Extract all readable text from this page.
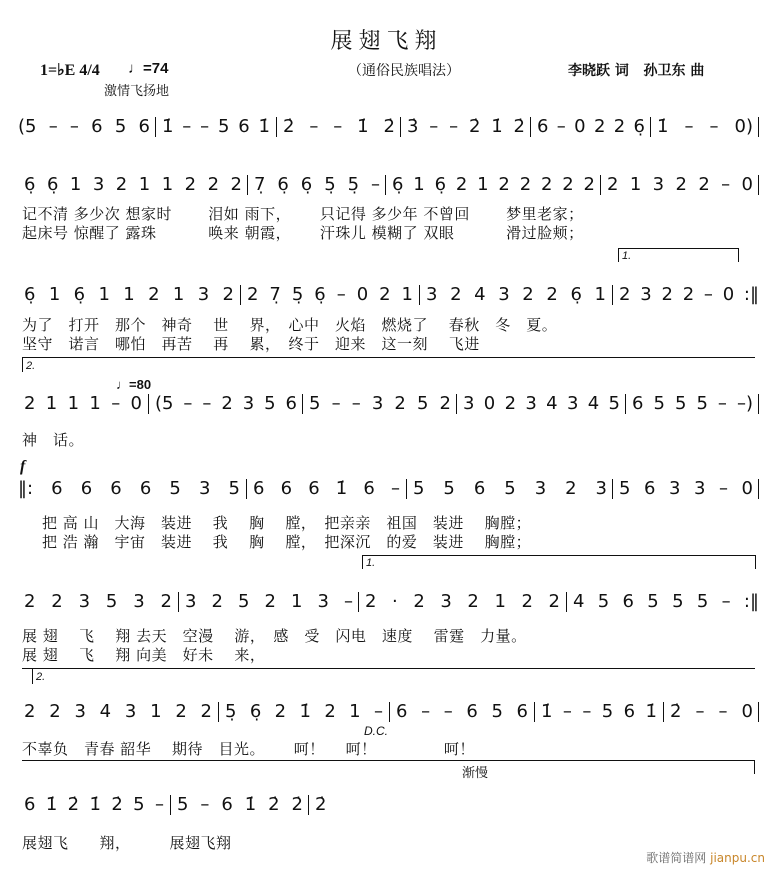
展翅飞翔
1=♭E 4/4 ♩=74	（通俗民族唱法）	李晓跃 词   孙卫东 曲
激情飞扬地
(5 – – 6 5 6 1̇ – – 5 6 1̇ 2̇ – – 1̇ 2̇ 3̇ – – 2̇ 1̇ 2̇ 6 – 0 2 2 6̣ 1̇ – – 0)
6̣ 6̣ 1 3 2 1 1 2 2 2 7̣ 6̣ 6̣ 5̣ 5̣ – 6̣ 1 6̣ 2 1 2 2 2 2 2 2 1 3 2 2 – 0
记不清 多少次 想家时　　 泪如 雨下，　　 只记得 多少年 不曾回　　 梦里老家；
起床号 惊醒了 露珠　　　 唤来 朝霞，　　 汗珠儿 模糊了 双眼　　　 滑过脸颊；
1.
6̣ 1 6̣ 1 1 2 1 3 2 2 7̣ 5̣ 6̣ – 0 2 1 3 2 4 3 2 2 6̣ 1 2 3 2 2 – 0 :‖
为了　打开　那个　神奇　 世　 界，　心中　火焰　燃烧了　 春秋　冬　夏。
坚守　诺言　哪怕　再苦　 再　 累，　终于　迎来　这一刻　 飞进
2.
♩=80
2 1 1 1 – 0 (5 – – 2 3 5 6 5 – – 3 2 5 2 3 0 2 3 4 3 4 5 6 5 5 5 – –)
神　话。
f
‖: 6 6 6 6 5 3 5 6 6 6 1̇ 6 – 5 5 6 5 3 2 3 5 6 3 3 – 0
把 高 山　大海　装进　 我　 胸　 膛，　把亲亲　祖国　装进　 胸膛；
把 浩 瀚　宇宙　装进　 我　 胸　 膛，　把深沉　的爱　装进　 胸膛；
1.
2 2 3 5 3 2 3 2 5 2 1 3 – 2 · 2 3 2 1 2 2 4 5 6 5 5 5 – :‖
展 翅　 飞　 翔 去天　空漫　 游，　感　受　闪电　速度　 雷霆　力量。
展 翅　 飞　 翔 向美　好未　 来，
2.
2 2 3 4 3 1 2 2 5̣ 6̣ 2 1̇ 2 1 – 6 – – 6 5 6 1̇ – – 5 6 1̇ 2̇ – – 0
D.C.
不辜负　青春 韶华　 期待　目光。　　 呵！　 呵！　　　　 呵！
渐慢
6 1̇ 2̇ 1̇ 2̇ 5 – 5 – 6 1̇ 2̇ 2̇ 2̇
展翅飞　　翔，　　　展翅飞翔
歌谱简谱网 jianpu.cn
